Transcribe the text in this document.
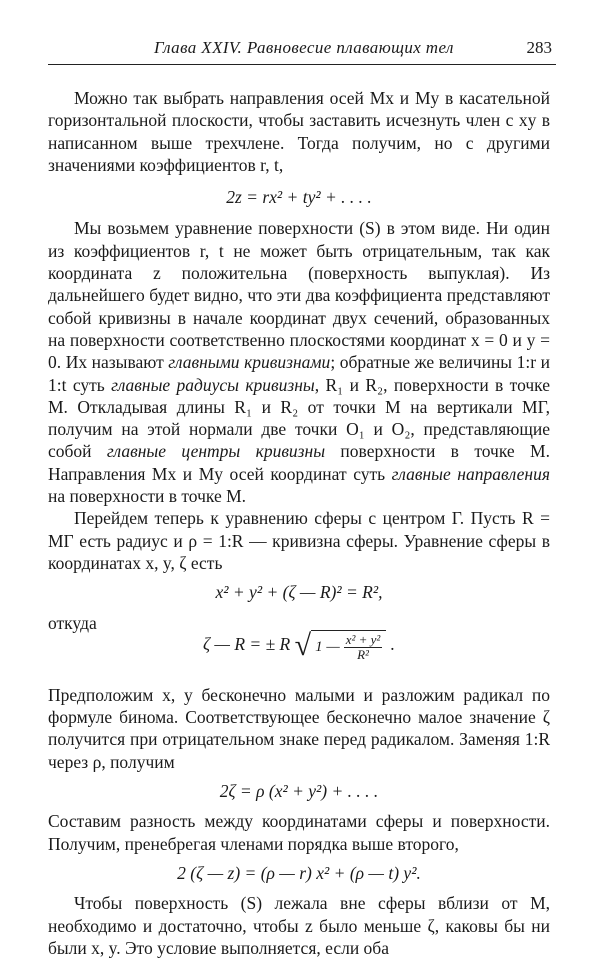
Глава XXIV. Равновесие плавающих тел	283

Можно так выбрать направления осей Mx и My в касательной горизонтальной плоскости, чтобы заставить исчезнуть член с xy в написанном выше трехчлене. Тогда получим, но с другими значениями коэффициентов r, t,

2z = rx² + ty² + . . . .

Мы возьмем уравнение поверхности (S) в этом виде. Ни один из коэффициентов r, t не может быть отрицательным, так как координата z положительна (поверхность выпуклая). Из дальнейшего будет видно, что эти два коэффициента представляют собой кривизны в начале координат двух сечений, образованных на поверхности соответственно плоскостями координат x = 0 и y = 0. Их называют главными кривизнами; обратные же величины 1:r и 1:t суть главные радиусы кривизны, R₁ и R₂, поверхности в точке M. Откладывая длины R₁ и R₂ от точки M на вертикали MΓ, получим на этой нормали две точки O₁ и O₂, представляющие собой главные центры кривизны поверхности в точке M. Направления Mx и My осей координат суть главные направления на поверхности в точке M.

Перейдем теперь к уравнению сферы с центром Γ. Пусть R = MΓ есть радиус и ρ = 1:R — кривизна сферы. Уравнение сферы в координатах x, y, ζ есть

x² + y² + (ζ — R)² = R²,

откуда

ζ — R = ± R √ 1 — $\frac{\text{x² + y²}}{\text{R²}}$ .

Предположим x, y бесконечно малыми и разложим радикал по формуле бинома. Соответствующее бесконечно малое значение ζ получится при отрицательном знаке перед радикалом. Заменяя 1:R через ρ, получим

2ζ = ρ (x² + y²) + . . . .

Составим разность между координатами сферы и поверхности. Получим, пренебрегая членами порядка выше второго,

2 (ζ — z) = (ρ — r) x² + (ρ — t) y².

Чтобы поверхность (S) лежала вне сферы вблизи от M, необходимо и достаточно, чтобы z было меньше ζ, каковы бы ни были x, y. Это условие выполняется, если оба
